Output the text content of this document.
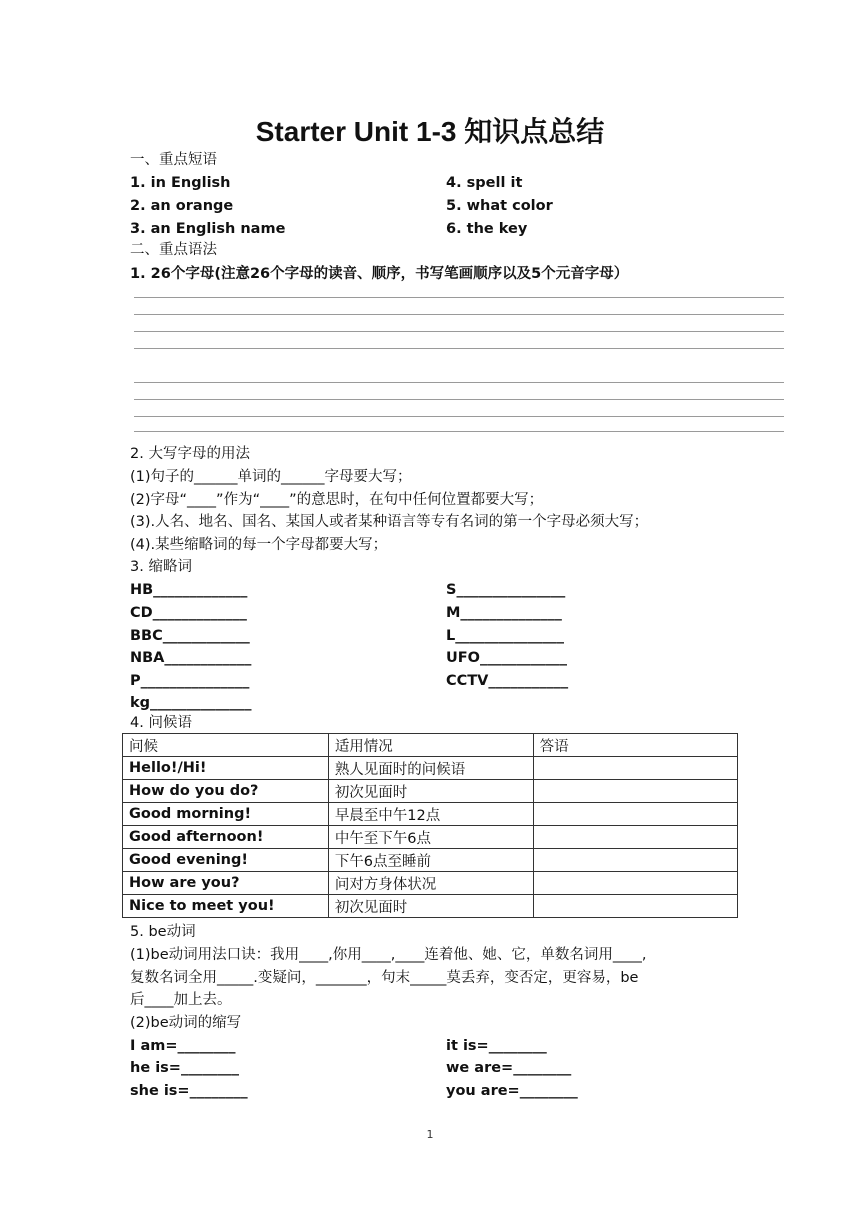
Starter Unit 1-3 知识点总结
一、重点短语
1. in English
2. an orange
3. an English name
4. spell it
5. what color
6. the key
二、重点语法
1. 26个字母(注意26个字母的读音、顺序，书写笔画顺序以及5个元音字母）
2. 大写字母的用法
(1)句子的______单词的______字母要大写；
(2)字母“____”作为“____”的意思时，在句中任何位置都要大写；
(3).人名、地名、国名、某国人或者某种语言等专有名词的第一个字母必须大写；
(4).某些缩略词的每一个字母都要大写；
3. 缩略词
HB_____________
CD_____________
BBC____________
NBA____________
P_______________
kg______________
S_______________
M______________
L_______________
UFO____________
CCTV___________
4. 问候语
问候	适用情况	答语
Hello!/Hi!	熟人见面时的问候语	
How do you do?	初次见面时	
Good morning!	早晨至中午12点	
Good afternoon!	中午至下午6点	
Good evening!	下午6点至睡前	
How are you?	问对方身体状况	
Nice to meet you!	初次见面时	
5. be动词
(1)be动词用法口诀：我用____,你用____,____连着他、她、它，单数名词用____,
复数名词全用_____.变疑问，_______，句末_____莫丢弃，变否定，更容易，be
后____加上去。
(2)be动词的缩写
I am=________
he is=________
she is=________
it is=________
we are=________
you are=________
1
